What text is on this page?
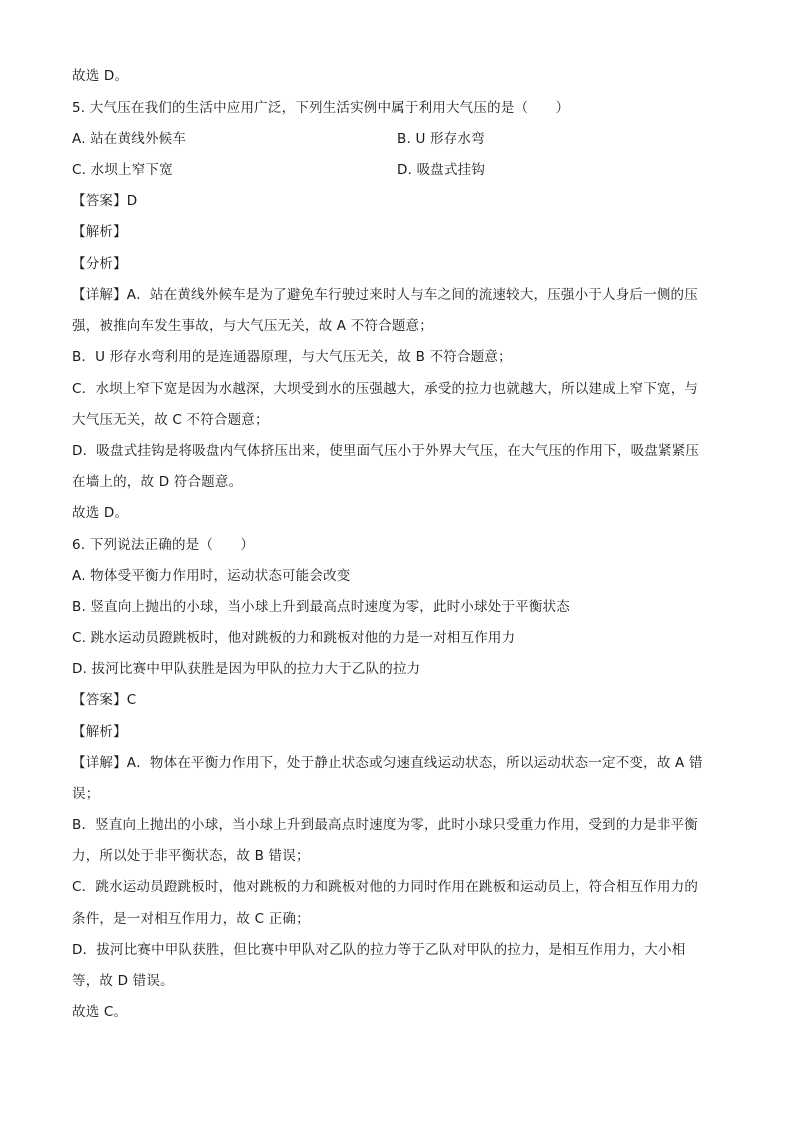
故选 D。
5. 大气压在我们的生活中应用广泛，下列生活实例中属于利用大气压的是（　　）
A. 站在黄线外候车
C. 水坝上窄下宽
【答案】D
【解析】
【分析】
【详解】A．站在黄线外候车是为了避免车行驶过来时人与车之间的流速较大，压强小于人身后一侧的压
强，被推向车发生事故，与大气压无关，故 A 不符合题意；
B．U 形存水弯利用的是连通器原理，与大气压无关，故 B 不符合题意；
C．水坝上窄下宽是因为水越深，大坝受到水的压强越大，承受的拉力也就越大，所以建成上窄下宽，与
大气压无关，故 C 不符合题意；
D．吸盘式挂钩是将吸盘内气体挤压出来，使里面气压小于外界大气压，在大气压的作用下，吸盘紧紧压
在墙上的，故 D 符合题意。
故选 D。
6. 下列说法正确的是（　　）
A. 物体受平衡力作用时，运动状态可能会改变
B. 竖直向上抛出的小球，当小球上升到最高点时速度为零，此时小球处于平衡状态
C. 跳水运动员蹬跳板时，他对跳板的力和跳板对他的力是一对相互作用力
D. 拔河比赛中甲队获胜是因为甲队的拉力大于乙队的拉力
【答案】C
【解析】
【详解】A．物体在平衡力作用下，处于静止状态或匀速直线运动状态，所以运动状态一定不变，故 A 错
误；
B．竖直向上抛出的小球，当小球上升到最高点时速度为零，此时小球只受重力作用，受到的力是非平衡
力，所以处于非平衡状态，故 B 错误；
C．跳水运动员蹬跳板时，他对跳板的力和跳板对他的力同时作用在跳板和运动员上，符合相互作用力的
条件，是一对相互作用力，故 C 正确；
D．拔河比赛中甲队获胜，但比赛中甲队对乙队的拉力等于乙队对甲队的拉力，是相互作用力，大小相
等，故 D 错误。
故选 C。
B. U 形存水弯
D. 吸盘式挂钩
